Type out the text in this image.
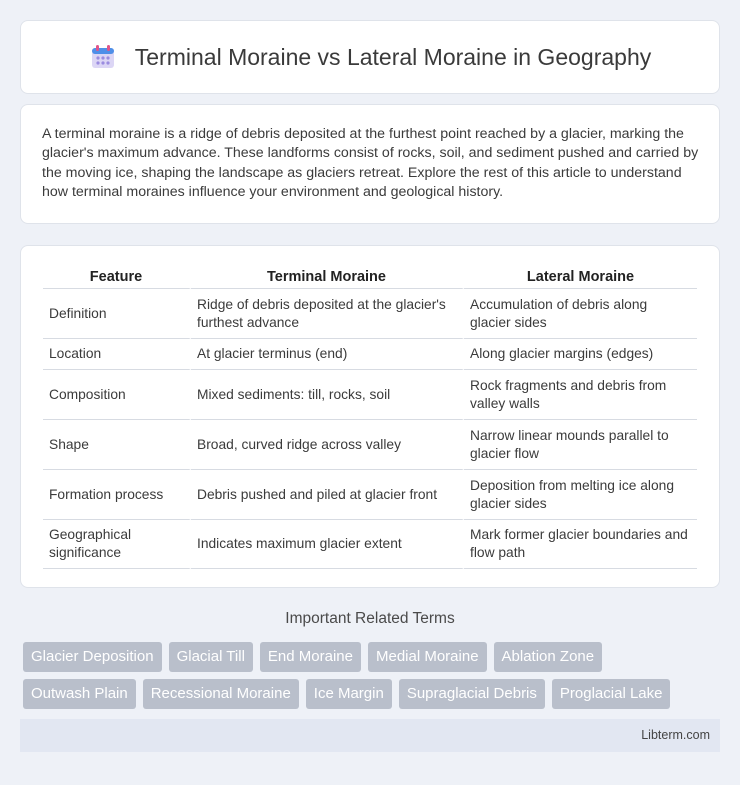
Terminal Moraine vs Lateral Moraine in Geography

A terminal moraine is a ridge of debris deposited at the furthest point reached by a glacier, marking the glacier's maximum advance. These landforms consist of rocks, soil, and sediment pushed and carried by the moving ice, shaping the landscape as glaciers retreat. Explore the rest of this article to understand how terminal moraines influence your environment and geological history.

Feature	Terminal Moraine	Lateral Moraine
Definition	Ridge of debris deposited at the glacier's furthest advance	Accumulation of debris along glacier sides
Location	At glacier terminus (end)	Along glacier margins (edges)
Composition	Mixed sediments: till, rocks, soil	Rock fragments and debris from valley walls
Shape	Broad, curved ridge across valley	Narrow linear mounds parallel to glacier flow
Formation process	Debris pushed and piled at glacier front	Deposition from melting ice along glacier sides
Geographical significance	Indicates maximum glacier extent	Mark former glacier boundaries and flow path
Important Related Terms
Glacier Deposition	Glacial Till	End Moraine	Medial Moraine	Ablation Zone
Outwash Plain	Recessional Moraine	Ice Margin	Supraglacial Debris	Proglacial Lake
Libterm.com
